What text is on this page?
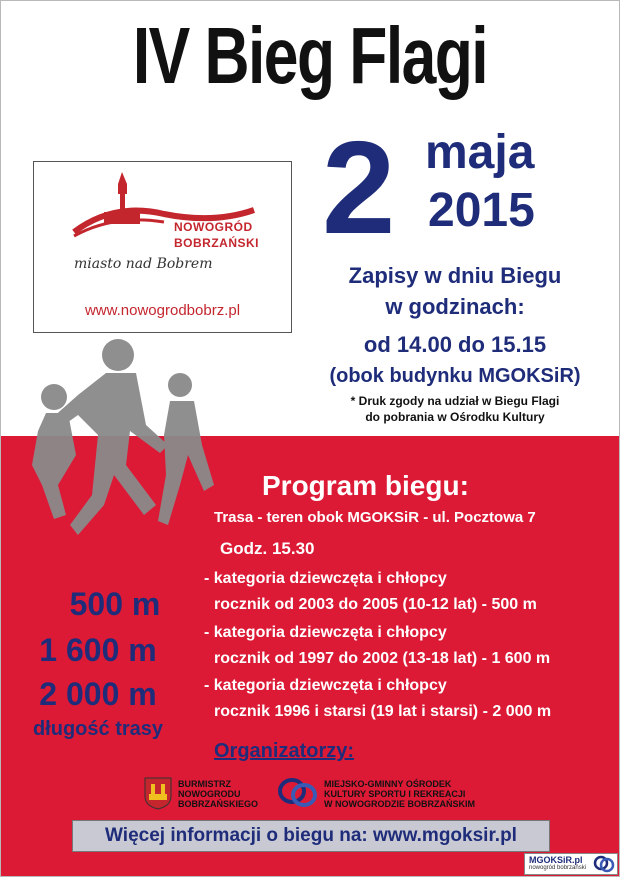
IV Bieg Flagi
NOWOGRÓD
BOBRZAŃSKI
miasto nad Bobrem
www.nowogrodbobrz.pl
2 maja
2015
Zapisy w dniu Biegu
w godzinach:
od 14.00 do 15.15
(obok budynku MGOKSiR)
* Druk zgody na udział w Biegu Flagi
do pobrania w Ośrodku Kultury
Program biegu:
Trasa - teren obok MGOKSiR - ul. Pocztowa 7
Godz. 15.30
- kategoria dziewczęta i chłopcy
rocznik od 2003 do 2005 (10-12 lat) - 500 m
- kategoria dziewczęta i chłopcy
rocznik od 1997 do 2002 (13-18 lat) - 1 600 m
- kategoria dziewczęta i chłopcy
rocznik 1996 i starsi (19 lat i starsi) - 2 000 m
500 m
1 600 m
2 000 m
długość trasy
Organizatorzy:
BURMISTRZ
NOWOGRODU
BOBRZAŃSKIEGO
MIEJSKO-GMINNY OŚRODEK
KULTURY SPORTU I REKREACJI
W NOWOGRODZIE BOBRZAŃSKIM
Więcej informacji o biegu na: www.mgoksir.pl
MGOKSiR.pl
nowogród bobrzański
